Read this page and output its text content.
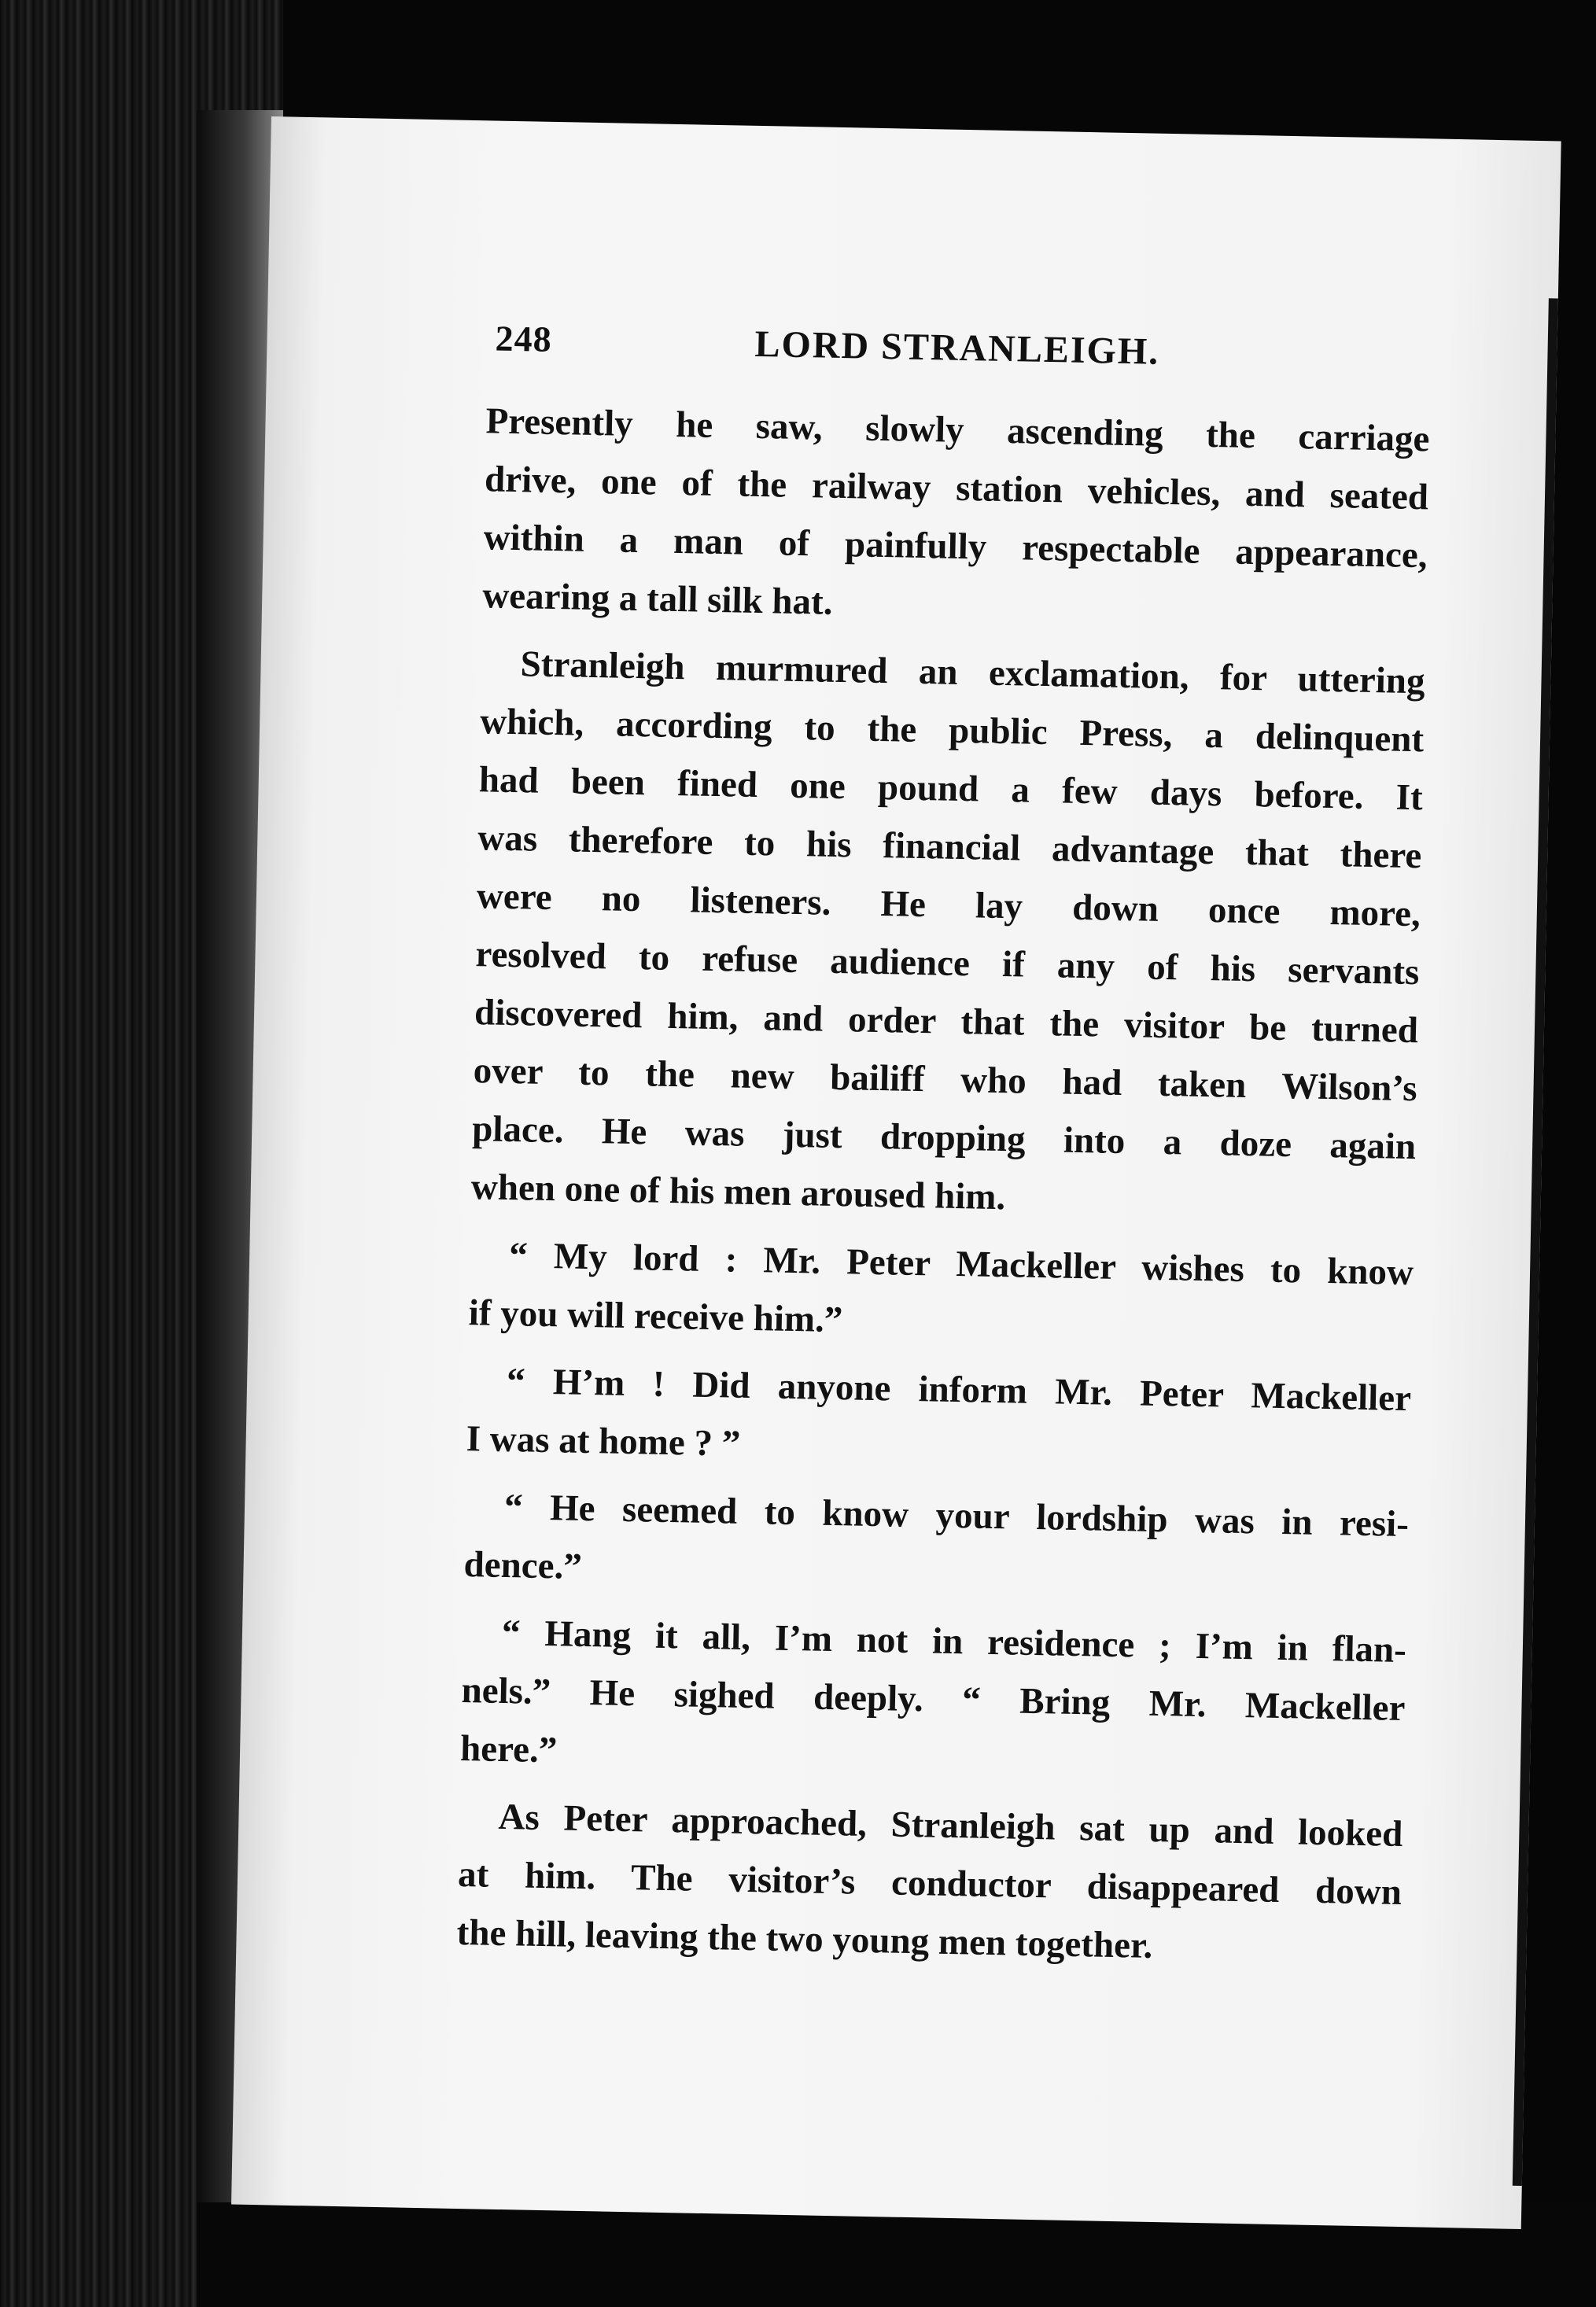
248	LORD STRANLEIGH.
Presently he saw, slowly ascending the carriage
drive, one of the railway station vehicles, and seated
within a man of painfully respectable appearance,
wearing a tall silk hat.
Stranleigh murmured an exclamation, for uttering
which, according to the public Press, a delinquent
had been fined one pound a few days before. It
was therefore to his financial advantage that there
were no listeners. He lay down once more,
resolved to refuse audience if any of his servants
discovered him, and order that the visitor be turned
over to the new bailiff who had taken Wilson’s
place. He was just dropping into a doze again
when one of his men aroused him.
“ My lord : Mr. Peter Mackeller wishes to know
if you will receive him.”
“ H’m ! Did anyone inform Mr. Peter Mackeller
I was at home ? ”
“ He seemed to know your lordship was in resi-
dence.”
“ Hang it all, I’m not in residence ; I’m in flan-
nels.” He sighed deeply. “ Bring Mr. Mackeller
here.”
As Peter approached, Stranleigh sat up and looked
at him. The visitor’s conductor disappeared down
the hill, leaving the two young men together.
